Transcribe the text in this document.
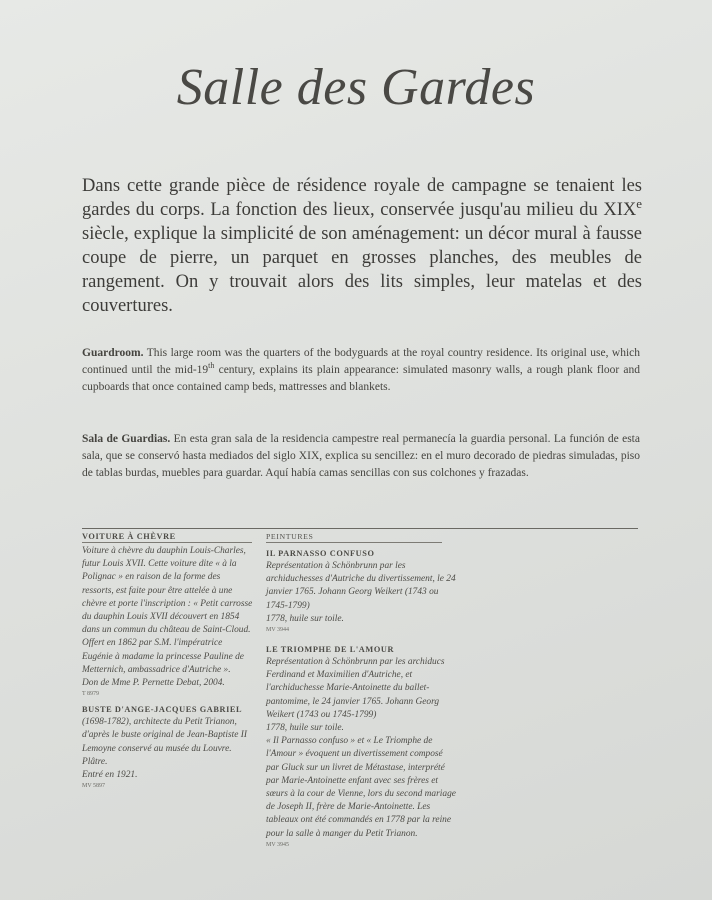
Salle des Gardes
Dans cette grande pièce de résidence royale de campagne se tenaient les gardes du corps. La fonction des lieux, conservée jusqu'au milieu du XIXe siècle, explique la simplicité de son aménagement: un décor mural à fausse coupe de pierre, un parquet en grosses planches, des meubles de rangement. On y trouvait alors des lits simples, leur matelas et des couvertures.
Guardroom. This large room was the quarters of the bodyguards at the royal country residence. Its original use, which continued until the mid-19th century, explains its plain appearance: simulated masonry walls, a rough plank floor and cupboards that once contained camp beds, mattresses and blankets.
Sala de Guardias. En esta gran sala de la residencia campestre real permanecía la guardia personal. La función de esta sala, que se conservó hasta mediados del siglo XIX, explica su sencillez: en el muro decorado de piedras simuladas, piso de tablas burdas, muebles para guardar. Aquí había camas sencillas con sus colchones y frazadas.
VOITURE À CHÈVRE
Voiture à chèvre du dauphin Louis-Charles, futur Louis XVII. Cette voiture dite « à la Polignac » en raison de la forme des ressorts, est faite pour être attelée à une chèvre et porte l'inscription : « Petit carrosse du dauphin Louis XVII découvert en 1854 dans un commun du château de Saint-Cloud. Offert en 1862 par S.M. l'impératrice Eugénie à madame la princesse Pauline de Metternich, ambassadrice d'Autriche ».
Don de Mme P. Pernette Debat, 2004.
T 8979
BUSTE D'ANGE-JACQUES GABRIEL
(1698-1782), architecte du Petit Trianon, d'après le buste original de Jean-Baptiste II Lemoyne conservé au musée du Louvre.
Plâtre.
Entré en 1921.
MV 5897
PEINTURES
IL PARNASSO CONFUSO
Représentation à Schönbrunn par les archiduchesses d'Autriche du divertissement, le 24 janvier 1765. Johann Georg Weikert (1743 ou 1745-1799)
1778, huile sur toile.
MV 3944
LE TRIOMPHE DE L'AMOUR
Représentation à Schönbrunn par les archiducs Ferdinand et Maximilien d'Autriche, et l'archiduchesse Marie-Antoinette du ballet-pantomime, le 24 janvier 1765. Johann Georg Weikert (1743 ou 1745-1799)
1778, huile sur toile.
« Il Parnasso confuso » et « Le Triomphe de l'Amour » évoquent un divertissement composé par Gluck sur un livret de Métastase, interprété par Marie-Antoinette enfant avec ses frères et sœurs à la cour de Vienne, lors du second mariage de Joseph II, frère de Marie-Antoinette. Les tableaux ont été commandés en 1778 par la reine pour la salle à manger du Petit Trianon.
MV 3945
